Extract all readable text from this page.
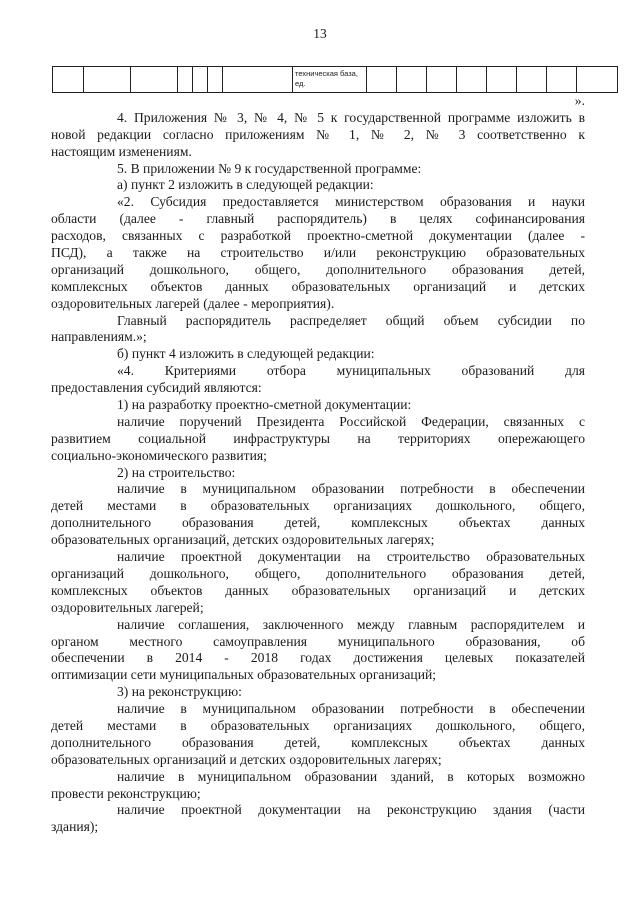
13
техническая база,
ед.
».
4. Приложения № 3, № 4, № 5 к государственной программе изложить в
новой редакции согласно приложениям № 1, № 2, № 3 соответственно к
настоящим изменениям.
5. В приложении № 9 к государственной программе:
а) пункт 2 изложить в следующей редакции:
«2. Субсидия предоставляется министерством образования и науки
области (далее - главный распорядитель) в целях софинансирования
расходов, связанных с разработкой проектно-сметной документации (далее -
ПСД), а также на строительство и/или реконструкцию образовательных
организаций дошкольного, общего, дополнительного образования детей,
комплексных объектов данных образовательных организаций и детских
оздоровительных лагерей (далее - мероприятия).
Главный распорядитель распределяет общий объем субсидии по
направлениям.»;
б) пункт 4 изложить в следующей редакции:
«4. Критериями отбора муниципальных образований для
предоставления субсидий являются:
1) на разработку проектно-сметной документации:
наличие поручений Президента Российской Федерации, связанных с
развитием социальной инфраструктуры на территориях опережающего
социально-экономического развития;
2) на строительство:
наличие в муниципальном образовании потребности в обеспечении
детей местами в образовательных организациях дошкольного, общего,
дополнительного образования детей, комплексных объектах данных
образовательных организаций, детских оздоровительных лагерях;
наличие проектной документации на строительство образовательных
организаций дошкольного, общего, дополнительного образования детей,
комплексных объектов данных образовательных организаций и детских
оздоровительных лагерей;
наличие соглашения, заключенного между главным распорядителем и
органом местного самоуправления муниципального образования, об
обеспечении в 2014 - 2018 годах достижения целевых показателей
оптимизации сети муниципальных образовательных организаций;
3) на реконструкцию:
наличие в муниципальном образовании потребности в обеспечении
детей местами в образовательных организациях дошкольного, общего,
дополнительного образования детей, комплексных объектах данных
образовательных организаций и детских оздоровительных лагерях;
наличие в муниципальном образовании зданий, в которых возможно
провести реконструкцию;
наличие проектной документации на реконструкцию здания (части
здания);
